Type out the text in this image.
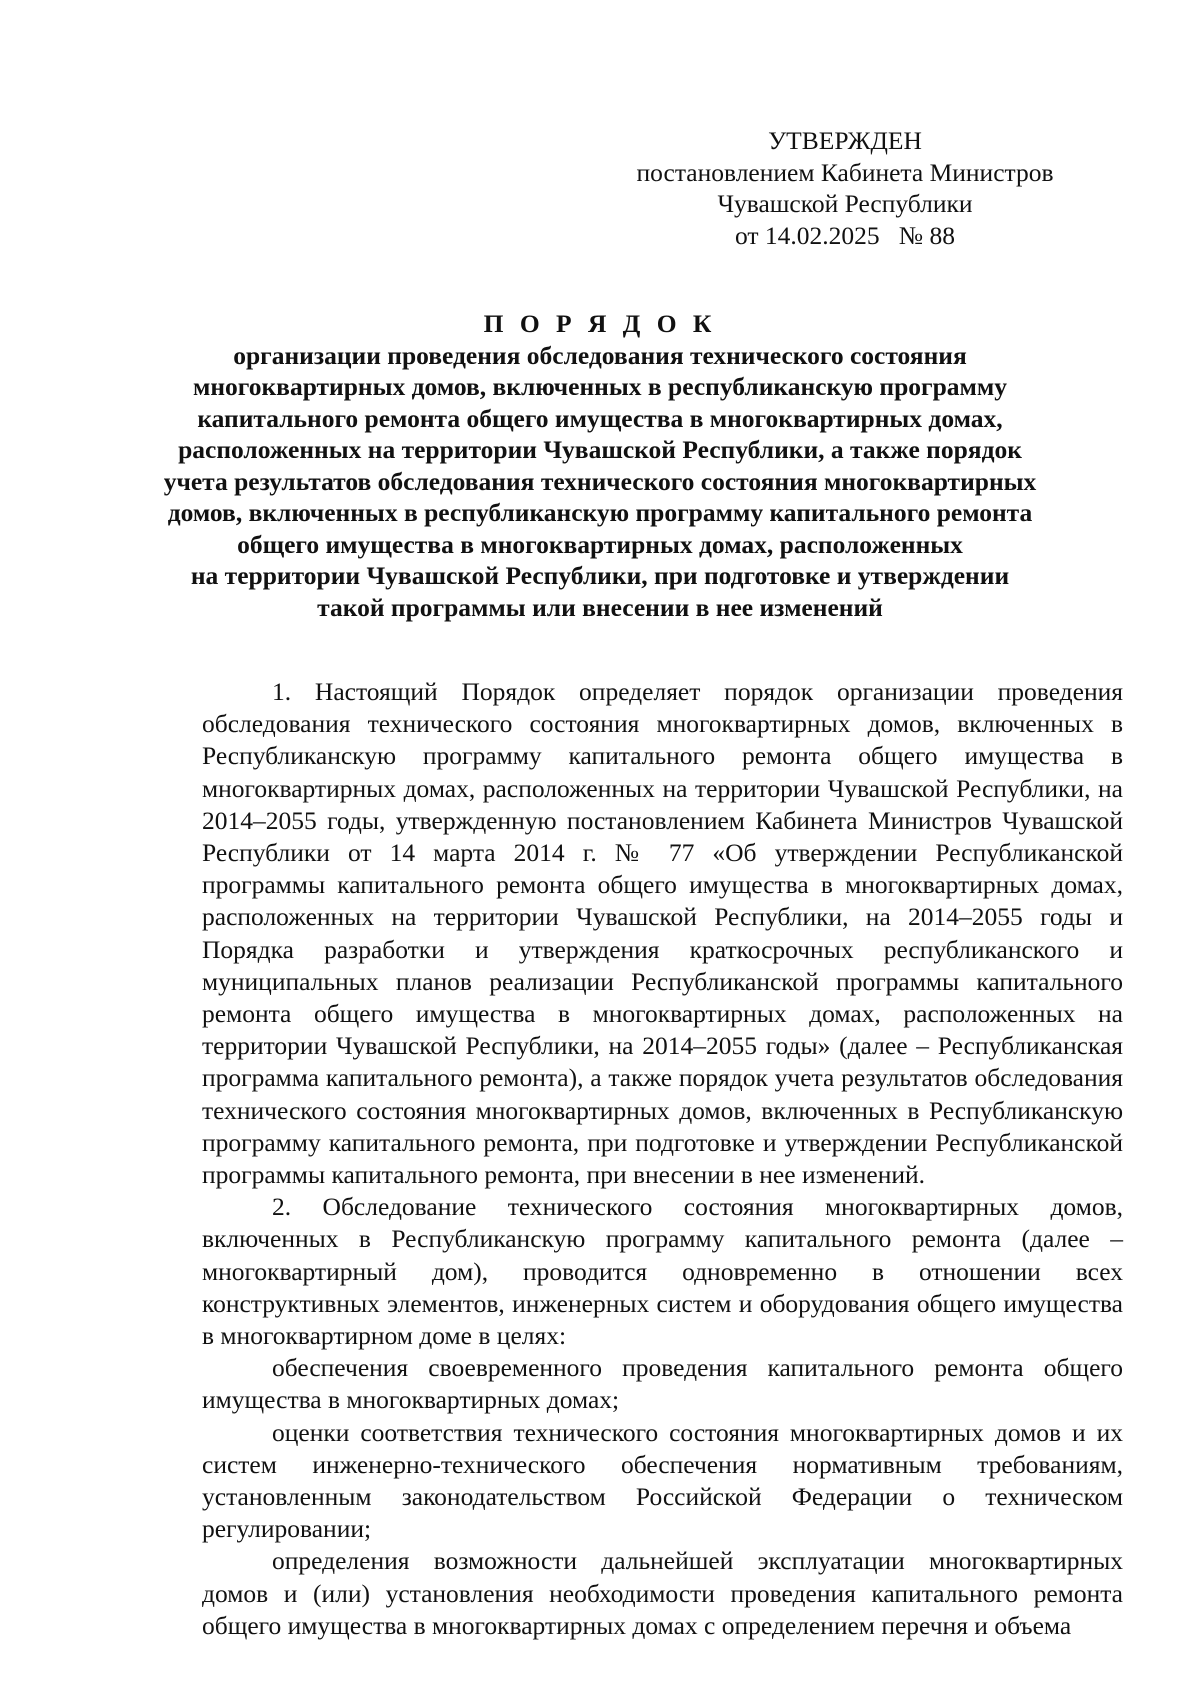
УТВЕРЖДЕН
постановлением Кабинета Министров
Чувашской Республики
от 14.02.2025   № 88
П О Р Я Д О К
организации проведения обследования технического состояния
многоквартирных домов, включенных в республиканскую программу
капитального ремонта общего имущества в многоквартирных домах,
расположенных на территории Чувашской Республики, а также порядок
учета результатов обследования технического состояния многоквартирных
домов, включенных в республиканскую программу капитального ремонта
общего имущества в многоквартирных домах, расположенных
на территории Чувашской Республики, при подготовке и утверждении
такой программы или внесении в нее изменений

1. Настоящий Порядок определяет порядок организации проведения обследования технического состояния многоквартирных домов, включенных в Республиканскую программу капитального ремонта общего имущества в многоквартирных домах, расположенных на территории Чувашской Республики, на 2014–2055 годы, утвержденную постановлением Кабинета Министров Чувашской Республики от 14 марта 2014 г. № 77 «Об утверждении Республиканской программы капитального ремонта общего имущества в многоквартирных домах, расположенных на территории Чувашской Республики, на 2014–2055 годы и Порядка разработки и утверждения краткосрочных республиканского и муниципальных планов реализации Республиканской программы капитального ремонта общего имущества в многоквартирных домах, расположенных на территории Чувашской Республики, на 2014–2055 годы» (далее – Республиканская программа капитального ремонта), а также порядок учета результатов обследования технического состояния многоквартирных домов, включенных в Республиканскую программу капитального ремонта, при подготовке и утверждении Республиканской программы капитального ремонта, при внесении в нее изменений.

2. Обследование технического состояния многоквартирных домов, включенных в Республиканскую программу капитального ремонта (далее – многоквартирный дом), проводится одновременно в отношении всех конструктивных элементов, инженерных систем и оборудования общего имущества в многоквартирном доме в целях:

обеспечения своевременного проведения капитального ремонта общего имущества в многоквартирных домах;

оценки соответствия технического состояния многоквартирных домов и их систем инженерно-технического обеспечения нормативным требованиям, установленным законодательством Российской Федерации о техническом регулировании;

определения возможности дальнейшей эксплуатации многоквартирных домов и (или) установления необходимости проведения капитального ремонта общего имущества в многоквартирных домах с определением перечня и объема
